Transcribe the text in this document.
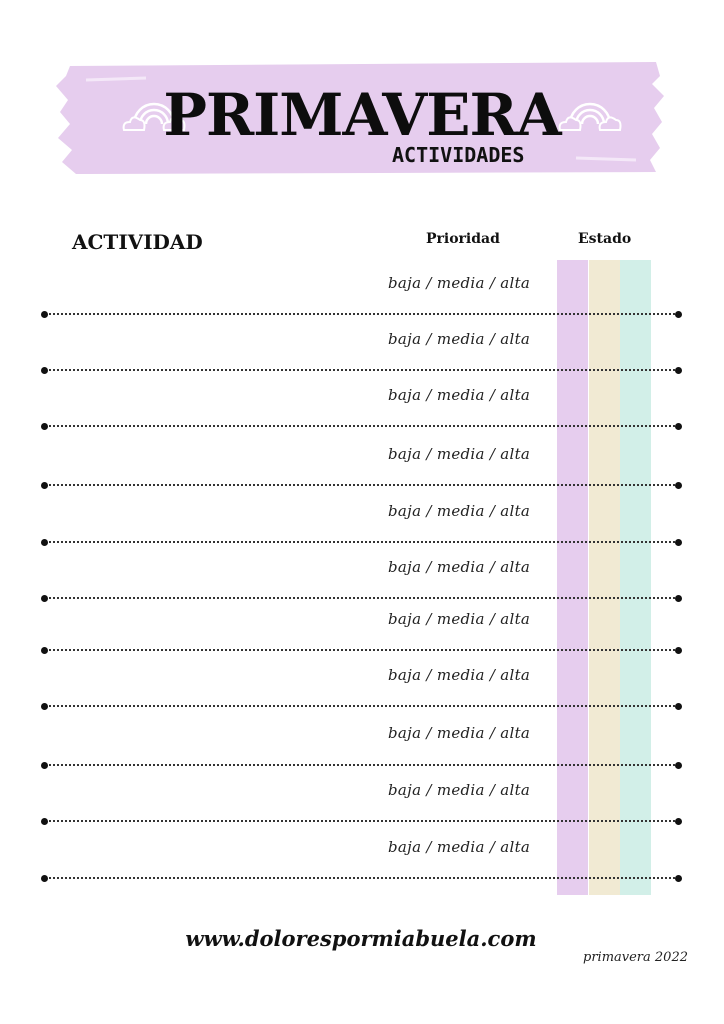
PRIMAVERA
ACTIVIDADES
ACTIVIDAD	Prioridad	Estado
baja / media / alta
baja / media / alta
baja / media / alta
baja / media / alta
baja / media / alta
baja / media / alta
baja / media / alta
baja / media / alta
baja / media / alta
baja / media / alta
baja / media / alta
www.dolorespormiabuela.com
primavera 2022
